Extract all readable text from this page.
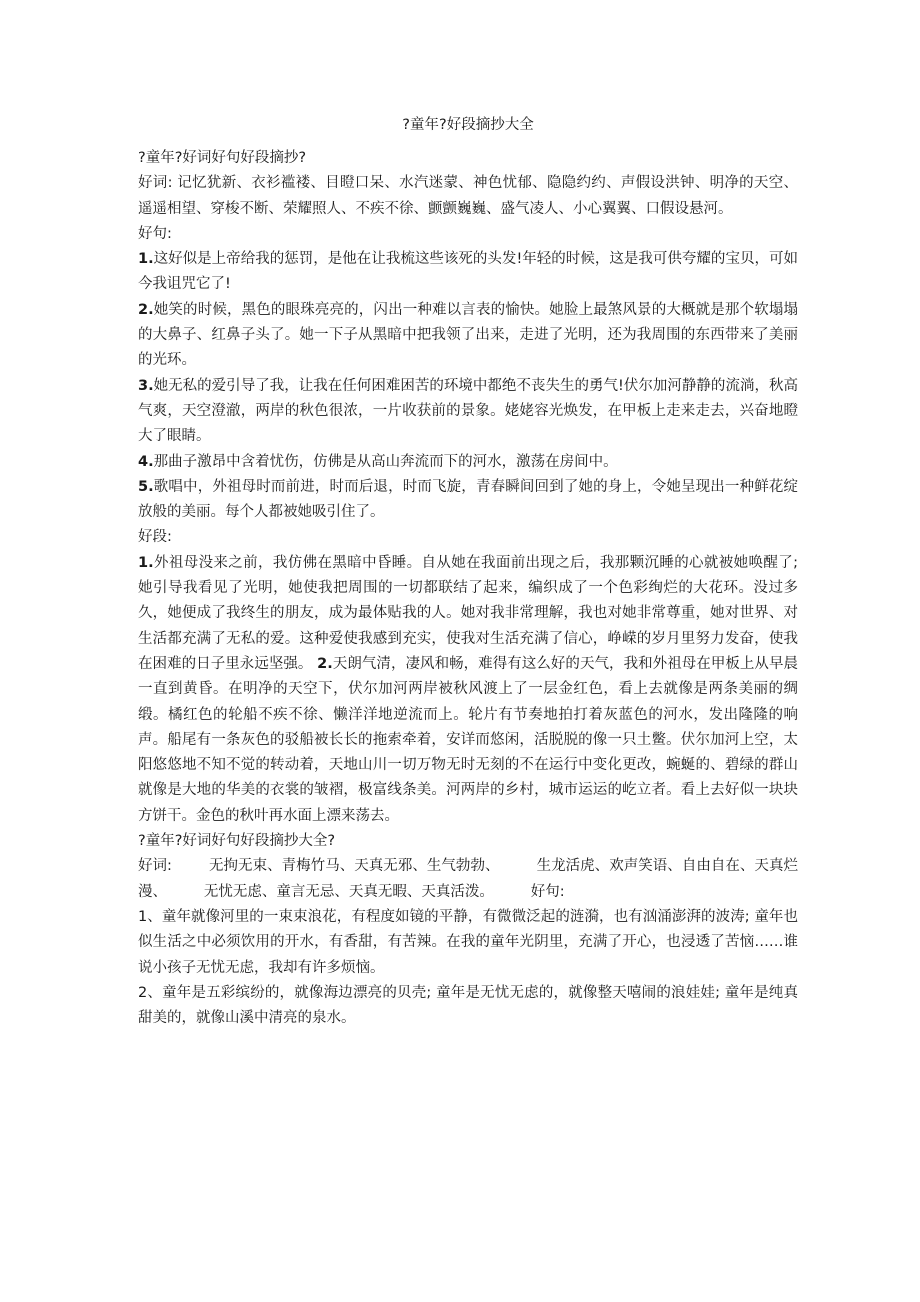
?童年?好段摘抄大全

?童年?好词好句好段摘抄?

好词: 记忆犹新、衣衫褴褛、目瞪口呆、水汽迷蒙、神色忧郁、隐隐约约、声假设洪钟、明净的天空、遥遥相望、穿梭不断、荣耀照人、不疾不徐、颤颤巍巍、盛气凌人、小心翼翼、口假设悬河。

好句:

1.这好似是上帝给我的惩罚，是他在让我梳这些该死的头发!年轻的时候，这是我可供夸耀的宝贝，可如今我诅咒它了!

2.她笑的时候，黑色的眼珠亮亮的，闪出一种难以言表的愉快。她脸上最煞风景的大概就是那个软塌塌的大鼻子、红鼻子头了。她一下子从黑暗中把我领了出来，走进了光明，还为我周围的东西带来了美丽的光环。

3.她无私的爱引导了我，让我在任何困难困苦的环境中都绝不丧失生的勇气!伏尔加河静静的流淌，秋高气爽，天空澄澈，两岸的秋色很浓，一片收获前的景象。姥姥容光焕发，在甲板上走来走去，兴奋地瞪大了眼睛。

4.那曲子激昂中含着忧伤，仿佛是从高山奔流而下的河水，激荡在房间中。

5.歌唱中，外祖母时而前进，时而后退，时而飞旋，青春瞬间回到了她的身上，令她呈现出一种鲜花绽放般的美丽。每个人都被她吸引住了。

好段:

1.外祖母没来之前，我仿佛在黑暗中昏睡。自从她在我面前出现之后，我那颗沉睡的心就被她唤醒了; 她引导我看见了光明，她使我把周围的一切都联结了起来，编织成了一个色彩绚烂的大花环。没过多久，她便成了我终生的朋友，成为最体贴我的人。她对我非常理解，我也对她非常尊重，她对世界、对生活都充满了无私的爱。这种爱使我感到充实，使我对生活充满了信心，峥嵘的岁月里努力发奋，使我在困难的日子里永远坚强。 2.天朗气清，凄风和畅，难得有这么好的天气，我和外祖母在甲板上从早晨一直到黄昏。在明净的天空下，伏尔加河两岸被秋风渡上了一层金红色，看上去就像是两条美丽的绸缎。橘红色的轮船不疾不徐、懒洋洋地逆流而上。轮片有节奏地拍打着灰蓝色的河水，发出隆隆的响声。船尾有一条灰色的驳船被长长的拖索牵着，安详而悠闲，活脱脱的像一只土鳖。伏尔加河上空，太阳悠悠地不知不觉的转动着，天地山川一切万物无时无刻的不在运行中变化更改，蜿蜒的、碧绿的群山就像是大地的华美的衣裳的皱褶，极富线条美。河两岸的乡村，城市运运的屹立者。看上去好似一块块方饼干。金色的秋叶再水面上漂来荡去。

?童年?好词好句好段摘抄大全?

好词:        无拘无束、青梅竹马、天真无邪、生气勃勃、        生龙活虎、欢声笑语、自由自在、天真烂漫、        无忧无虑、童言无忌、天真无暇、天真活泼。        好句:

1、童年就像河里的一束束浪花，有程度如镜的平静，有微微泛起的涟漪，也有汹涌澎湃的波涛; 童年也似生活之中必须饮用的开水，有香甜，有苦辣。在我的童年光阴里，充满了开心，也浸透了苦恼……谁说小孩子无忧无虑，我却有许多烦恼。

2、童年是五彩缤纷的，就像海边漂亮的贝壳; 童年是无忧无虑的，就像整天嘻闹的浪娃娃; 童年是纯真甜美的，就像山溪中清亮的泉水。
